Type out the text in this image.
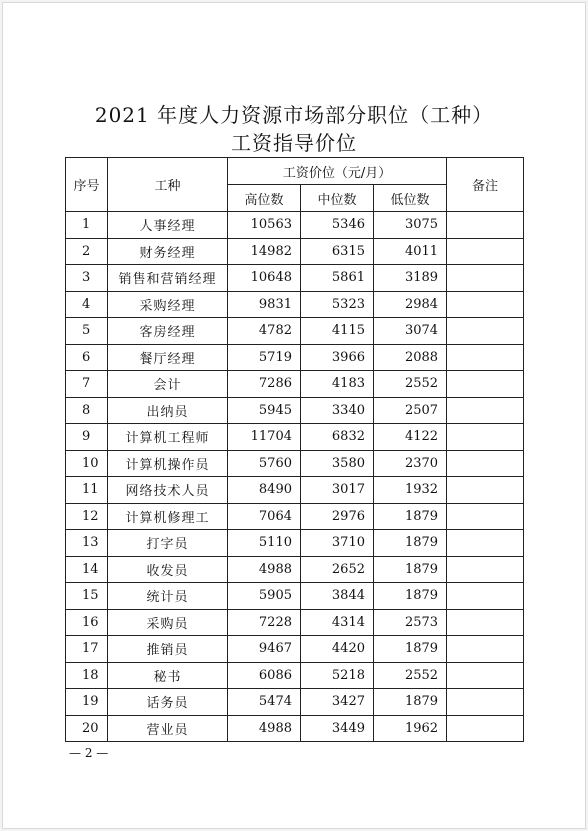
2021 年度人力资源市场部分职位（工种）
工资指导价位
序号	工种	工资价位（元/月）			备注
		高位数	中位数	低位数	
1	人事经理	10563	5346	3075	
2	财务经理	14982	6315	4011	
3	销售和营销经理	10648	5861	3189	
4	采购经理	9831	5323	2984	
5	客房经理	4782	4115	3074	
6	餐厅经理	5719	3966	2088	
7	会计	7286	4183	2552	
8	出纳员	5945	3340	2507	
9	计算机工程师	11704	6832	4122	
10	计算机操作员	5760	3580	2370	
11	网络技术人员	8490	3017	1932	
12	计算机修理工	7064	2976	1879	
13	打字员	5110	3710	1879	
14	收发员	4988	2652	1879	
15	统计员	5905	3844	1879	
16	采购员	7228	4314	2573	
17	推销员	9467	4420	1879	
18	秘书	6086	5218	2552	
19	话务员	5474	3427	1879	
20	营业员	4988	3449	1962	
— 2 —
